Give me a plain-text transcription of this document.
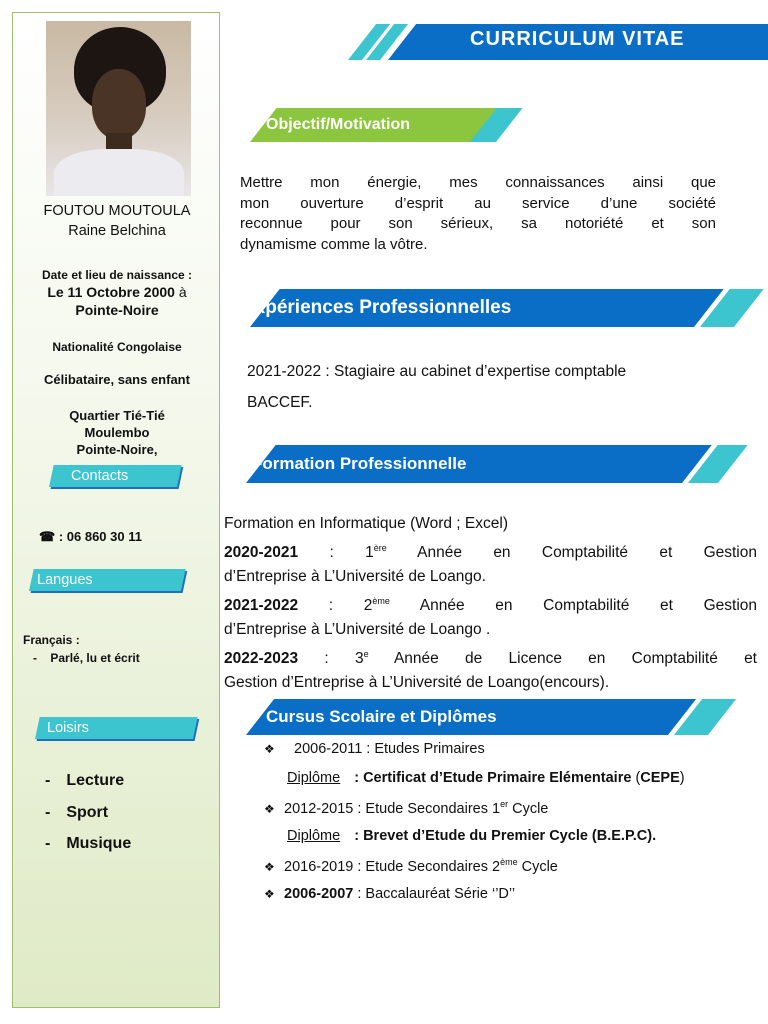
FOUTOU MOUTOULA
Raine Belchina
Date et lieu de naissance :
Le 11 Octobre 2000 à
Pointe-Noire
Nationalité Congolaise
Célibataire, sans enfant
Quartier Tié-Tié
Moulembo
Pointe-Noire,
Contacts
☎ : 06 860 30 11
Langues
Français :
- Parlé, lu et écrit
Loisirs
- Lecture
- Sport
- Musique
CURRICULUM VITAE
Objectif/Motivation
Mettre mon énergie, mes connaissances ainsi que
mon ouverture d’esprit au service d’une société
reconnue pour son sérieux, sa notoriété et son
dynamisme comme la vôtre.
Expériences Professionnelles
2021-2022 : Stagiaire au cabinet d’expertise comptable
BACCEF.
Formation Professionnelle
Formation en Informatique (Word ; Excel)
2020-2021 : 1ère Année en Comptabilité et Gestion
d’Entreprise à L’Université de Loango.
2021-2022 : 2ème Année en Comptabilité et Gestion
d’Entreprise à L’Université de Loango .
2022-2023 : 3e Année de Licence en Comptabilité et
Gestion d’Entreprise à L’Université de Loango(encours).
Cursus Scolaire et Diplômes
❖ 2006-2011 : Etudes Primaires
Diplôme : Certificat d’Etude Primaire Elémentaire (CEPE)
❖ 2012-2015 : Etude Secondaires 1er Cycle
Diplôme : Brevet d’Etude du Premier Cycle (B.E.P.C).
❖ 2016-2019 : Etude Secondaires 2ème Cycle
❖ 2006-2007 : Baccalauréat Série ‘’D’’
